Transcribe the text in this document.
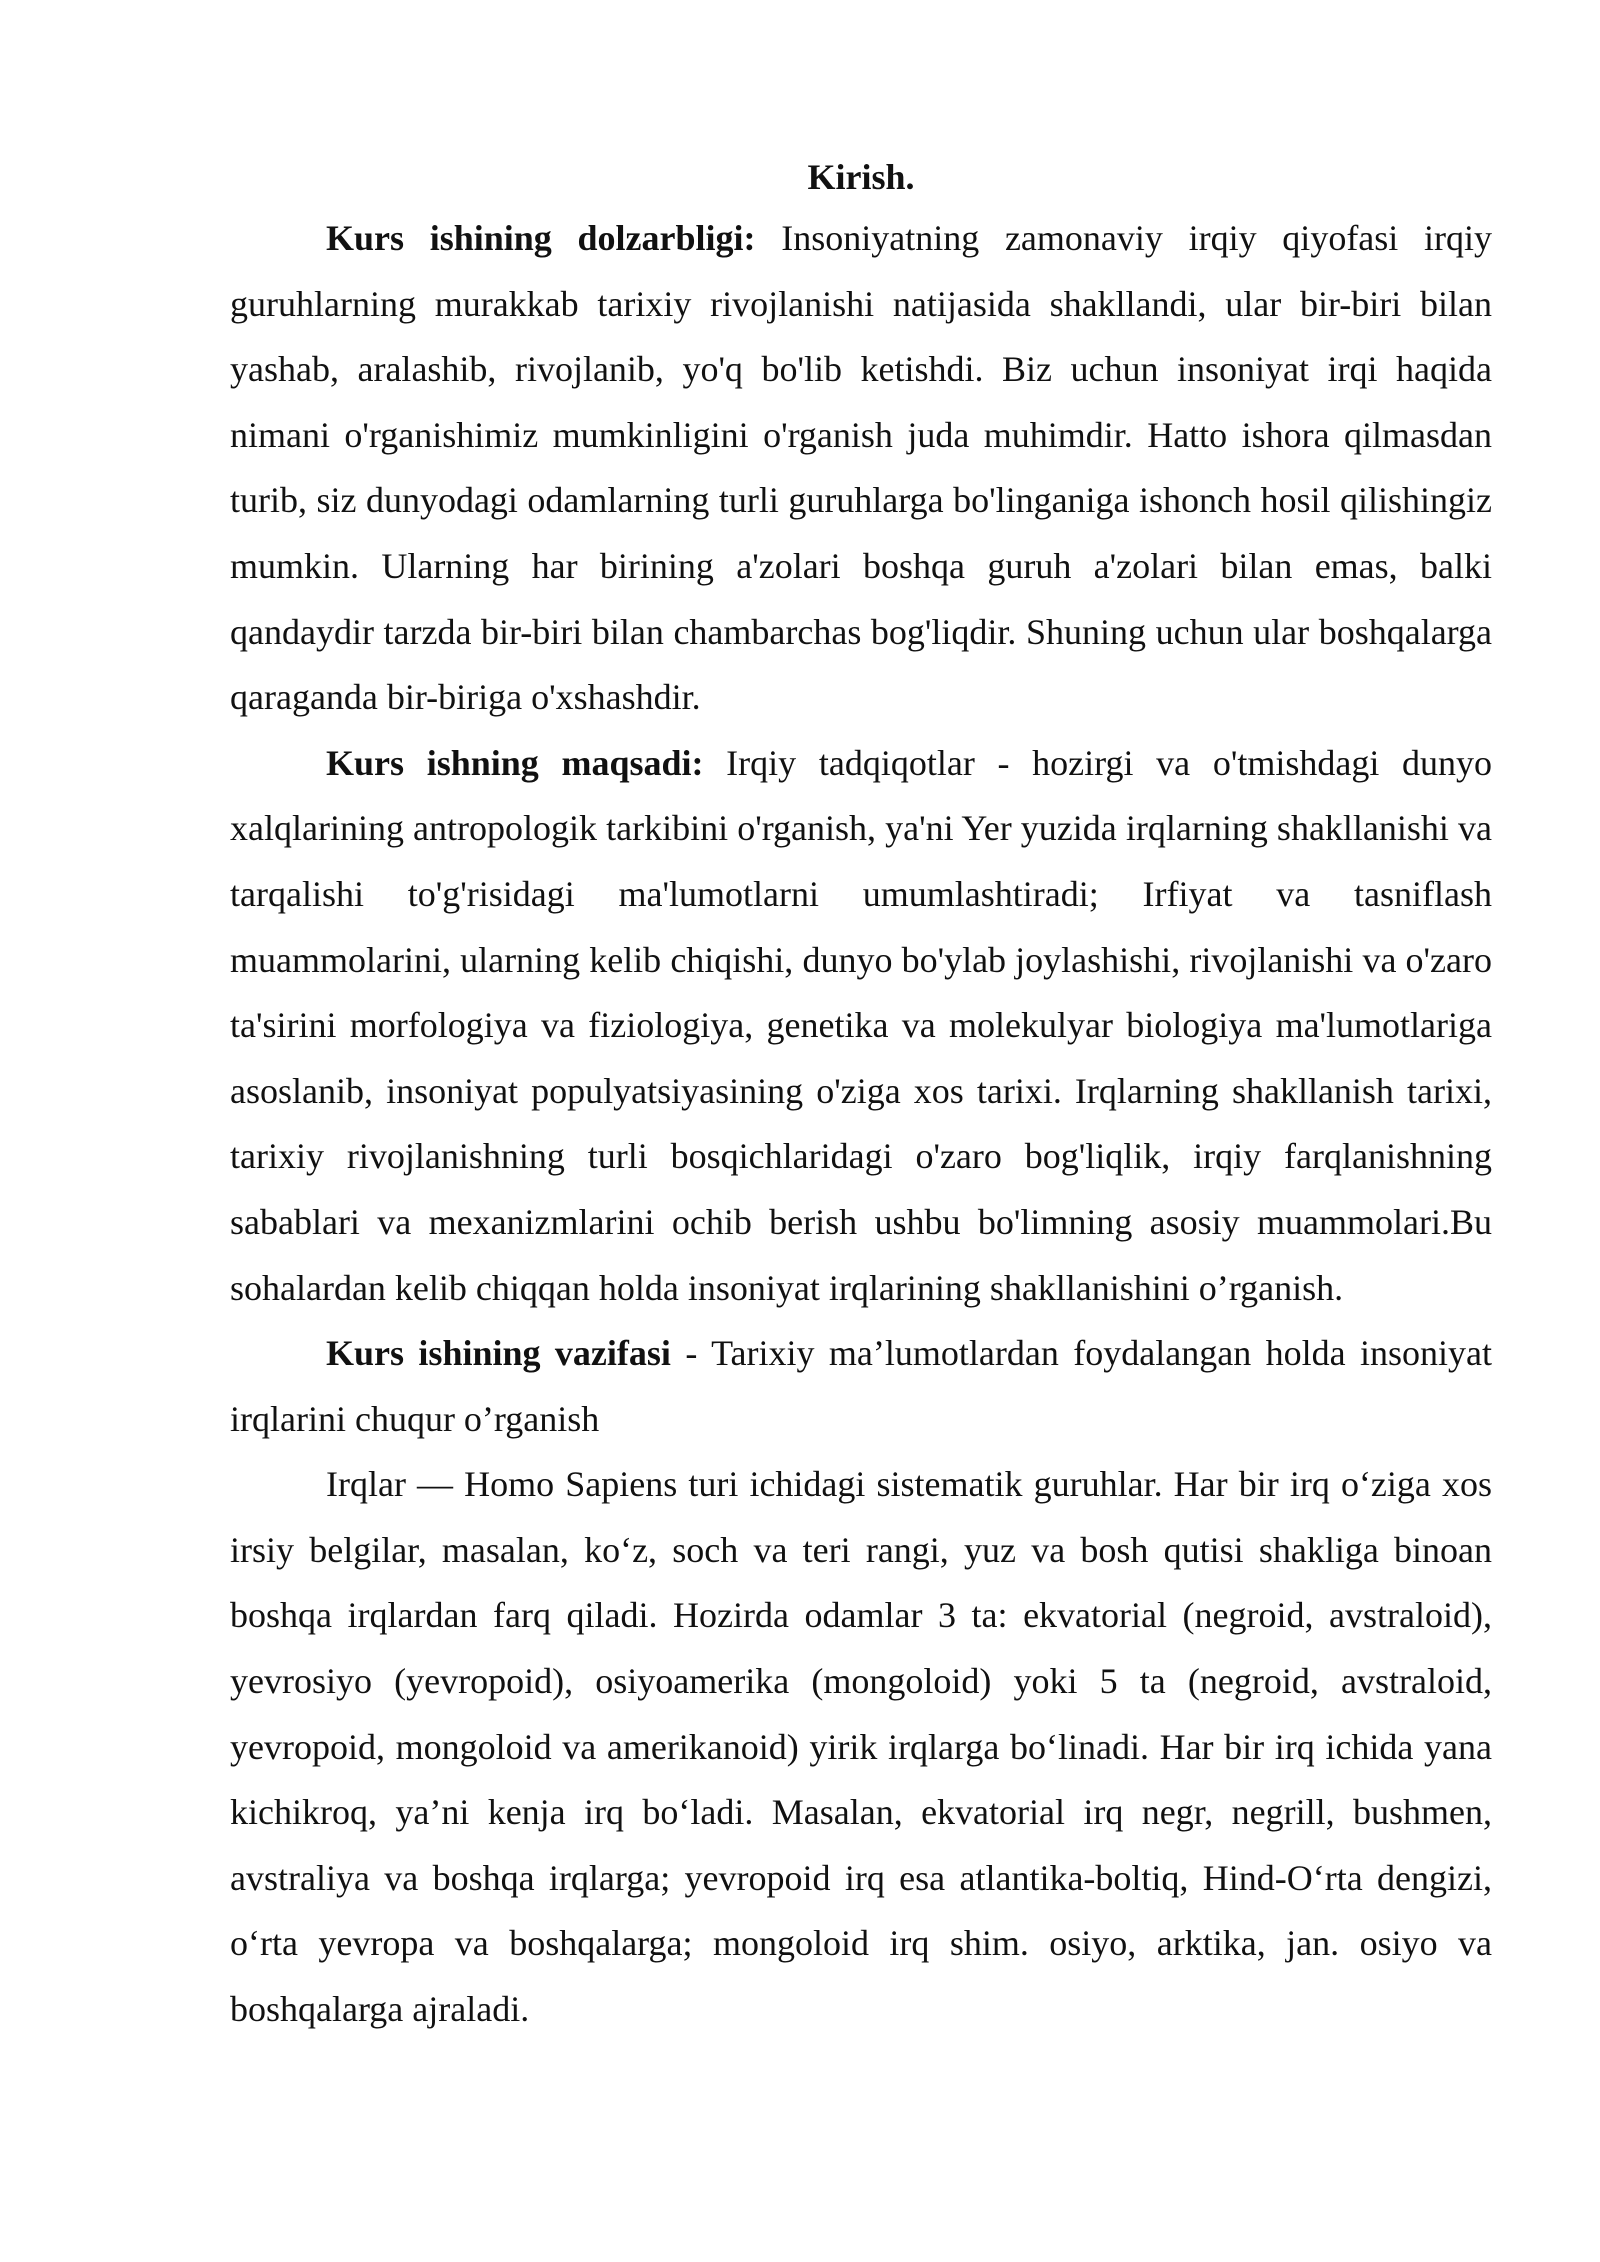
Kirish.

Kurs ishining dolzarbligi: Insoniyatning zamonaviy irqiy qiyofasi irqiy guruhlarning murakkab tarixiy rivojlanishi natijasida shakllandi, ular bir-biri bilan yashab, aralashib, rivojlanib, yo'q bo'lib ketishdi. Biz uchun insoniyat irqi haqida nimani o'rganishimiz mumkinligini o'rganish juda muhimdir. Hatto ishora qilmasdan turib, siz dunyodagi odamlarning turli guruhlarga bo'linganiga ishonch hosil qilishingiz mumkin. Ularning har birining a'zolari boshqa guruh a'zolari bilan emas, balki qandaydir tarzda bir-biri bilan chambarchas bog'liqdir. Shuning uchun ular boshqalarga qaraganda bir-biriga o'xshashdir.

Kurs ishning maqsadi: Irqiy tadqiqotlar - hozirgi va o'tmishdagi dunyo xalqlarining antropologik tarkibini o'rganish, ya'ni Yer yuzida irqlarning shakllanishi va tarqalishi to'g'risidagi ma'lumotlarni umumlashtiradi; Irfiyat va tasniflash muammolarini, ularning kelib chiqishi, dunyo bo'ylab joylashishi, rivojlanishi va o'zaro ta'sirini morfologiya va fiziologiya, genetika va molekulyar biologiya ma'lumotlariga asoslanib, insoniyat populyatsiyasining o'ziga xos tarixi. Irqlarning shakllanish tarixi, tarixiy rivojlanishning turli bosqichlaridagi o'zaro bog'liqlik, irqiy farqlanishning sabablari va mexanizmlarini ochib berish ushbu bo'limning asosiy muammolari.Bu sohalardan kelib chiqqan holda insoniyat irqlarining shakllanishini o’rganish.

Kurs ishining vazifasi - Tarixiy ma’lumotlardan foydalangan holda insoniyat irqlarini chuqur o’rganish

Irqlar — Homo Sapiens turi ichidagi sistematik guruhlar. Har bir irq o‘ziga xos irsiy belgilar, masalan, ko‘z, soch va teri rangi, yuz va bosh qutisi shakliga binoan boshqa irqlardan farq qiladi. Hozirda odamlar 3 ta: ekvatorial (negroid, avstraloid), yevrosiyo (yevropoid), osiyoamerika (mongoloid) yoki 5 ta (negroid, avstraloid, yevropoid, mongoloid va amerikanoid) yirik irqlarga bo‘linadi. Har bir irq ichida yana kichikroq, ya’ni kenja irq bo‘ladi. Masalan, ekvatorial irq negr, negrill, bushmen, avstraliya va boshqa irqlarga; yevropoid irq esa atlantika-boltiq, Hind-O‘rta dengizi, o‘rta yevropa va boshqalarga; mongoloid irq shim. osiyo, arktika, jan. osiyo va boshqalarga ajraladi.
